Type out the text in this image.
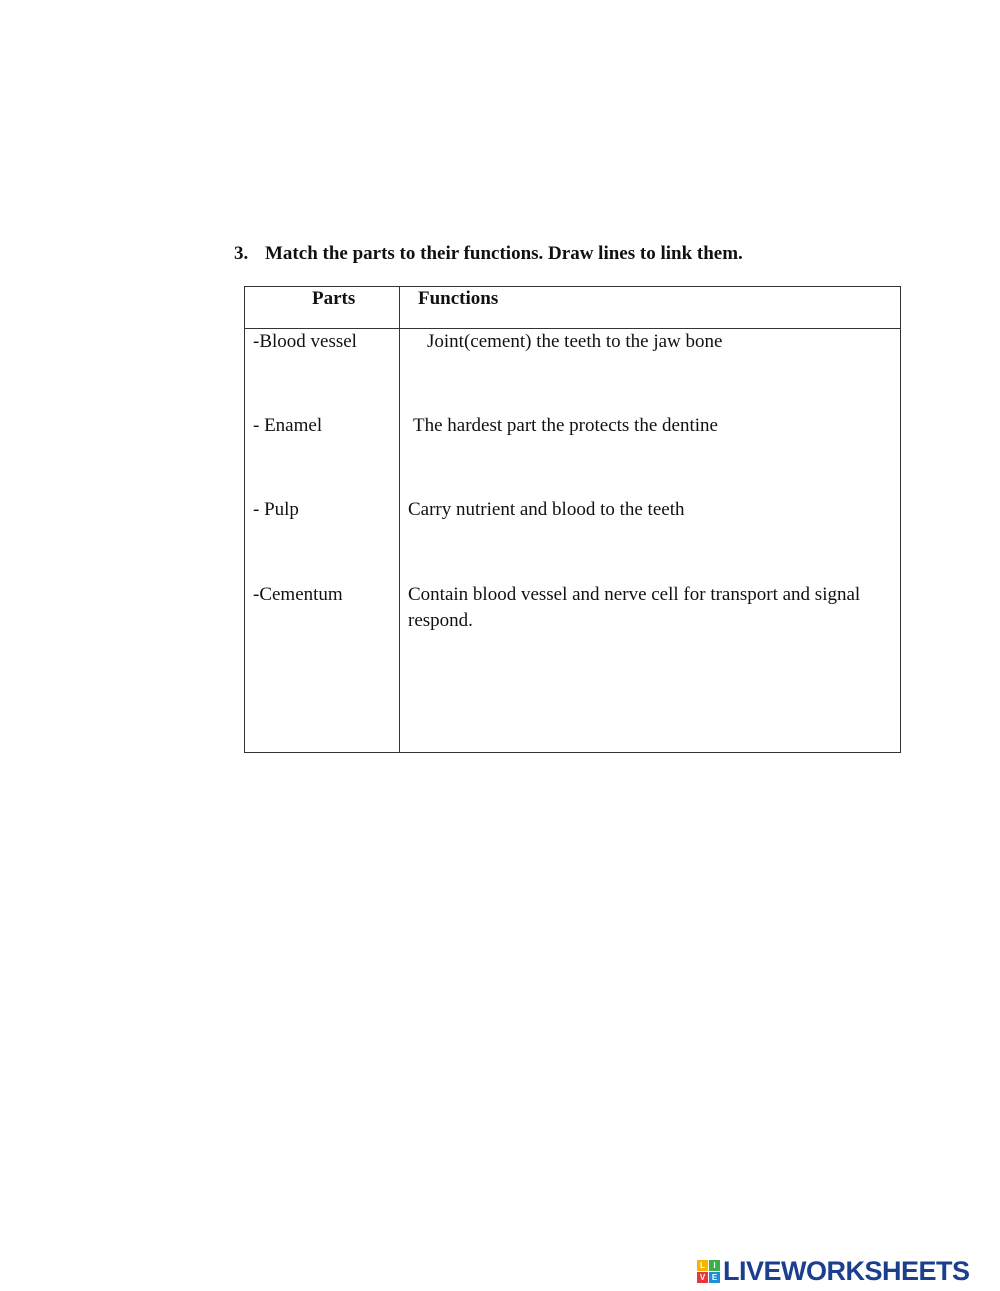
3. Match the parts to their functions. Draw lines to link them.
Parts	Functions
-Blood vessel
- Enamel
- Pulp
-Cementum
Joint(cement) the teeth to the jaw bone
The hardest part the protects the dentine
Carry nutrient and blood to the teeth
Contain blood vessel and nerve cell for transport and signal respond.
L	I
V E LIVEWORKSHEETS
